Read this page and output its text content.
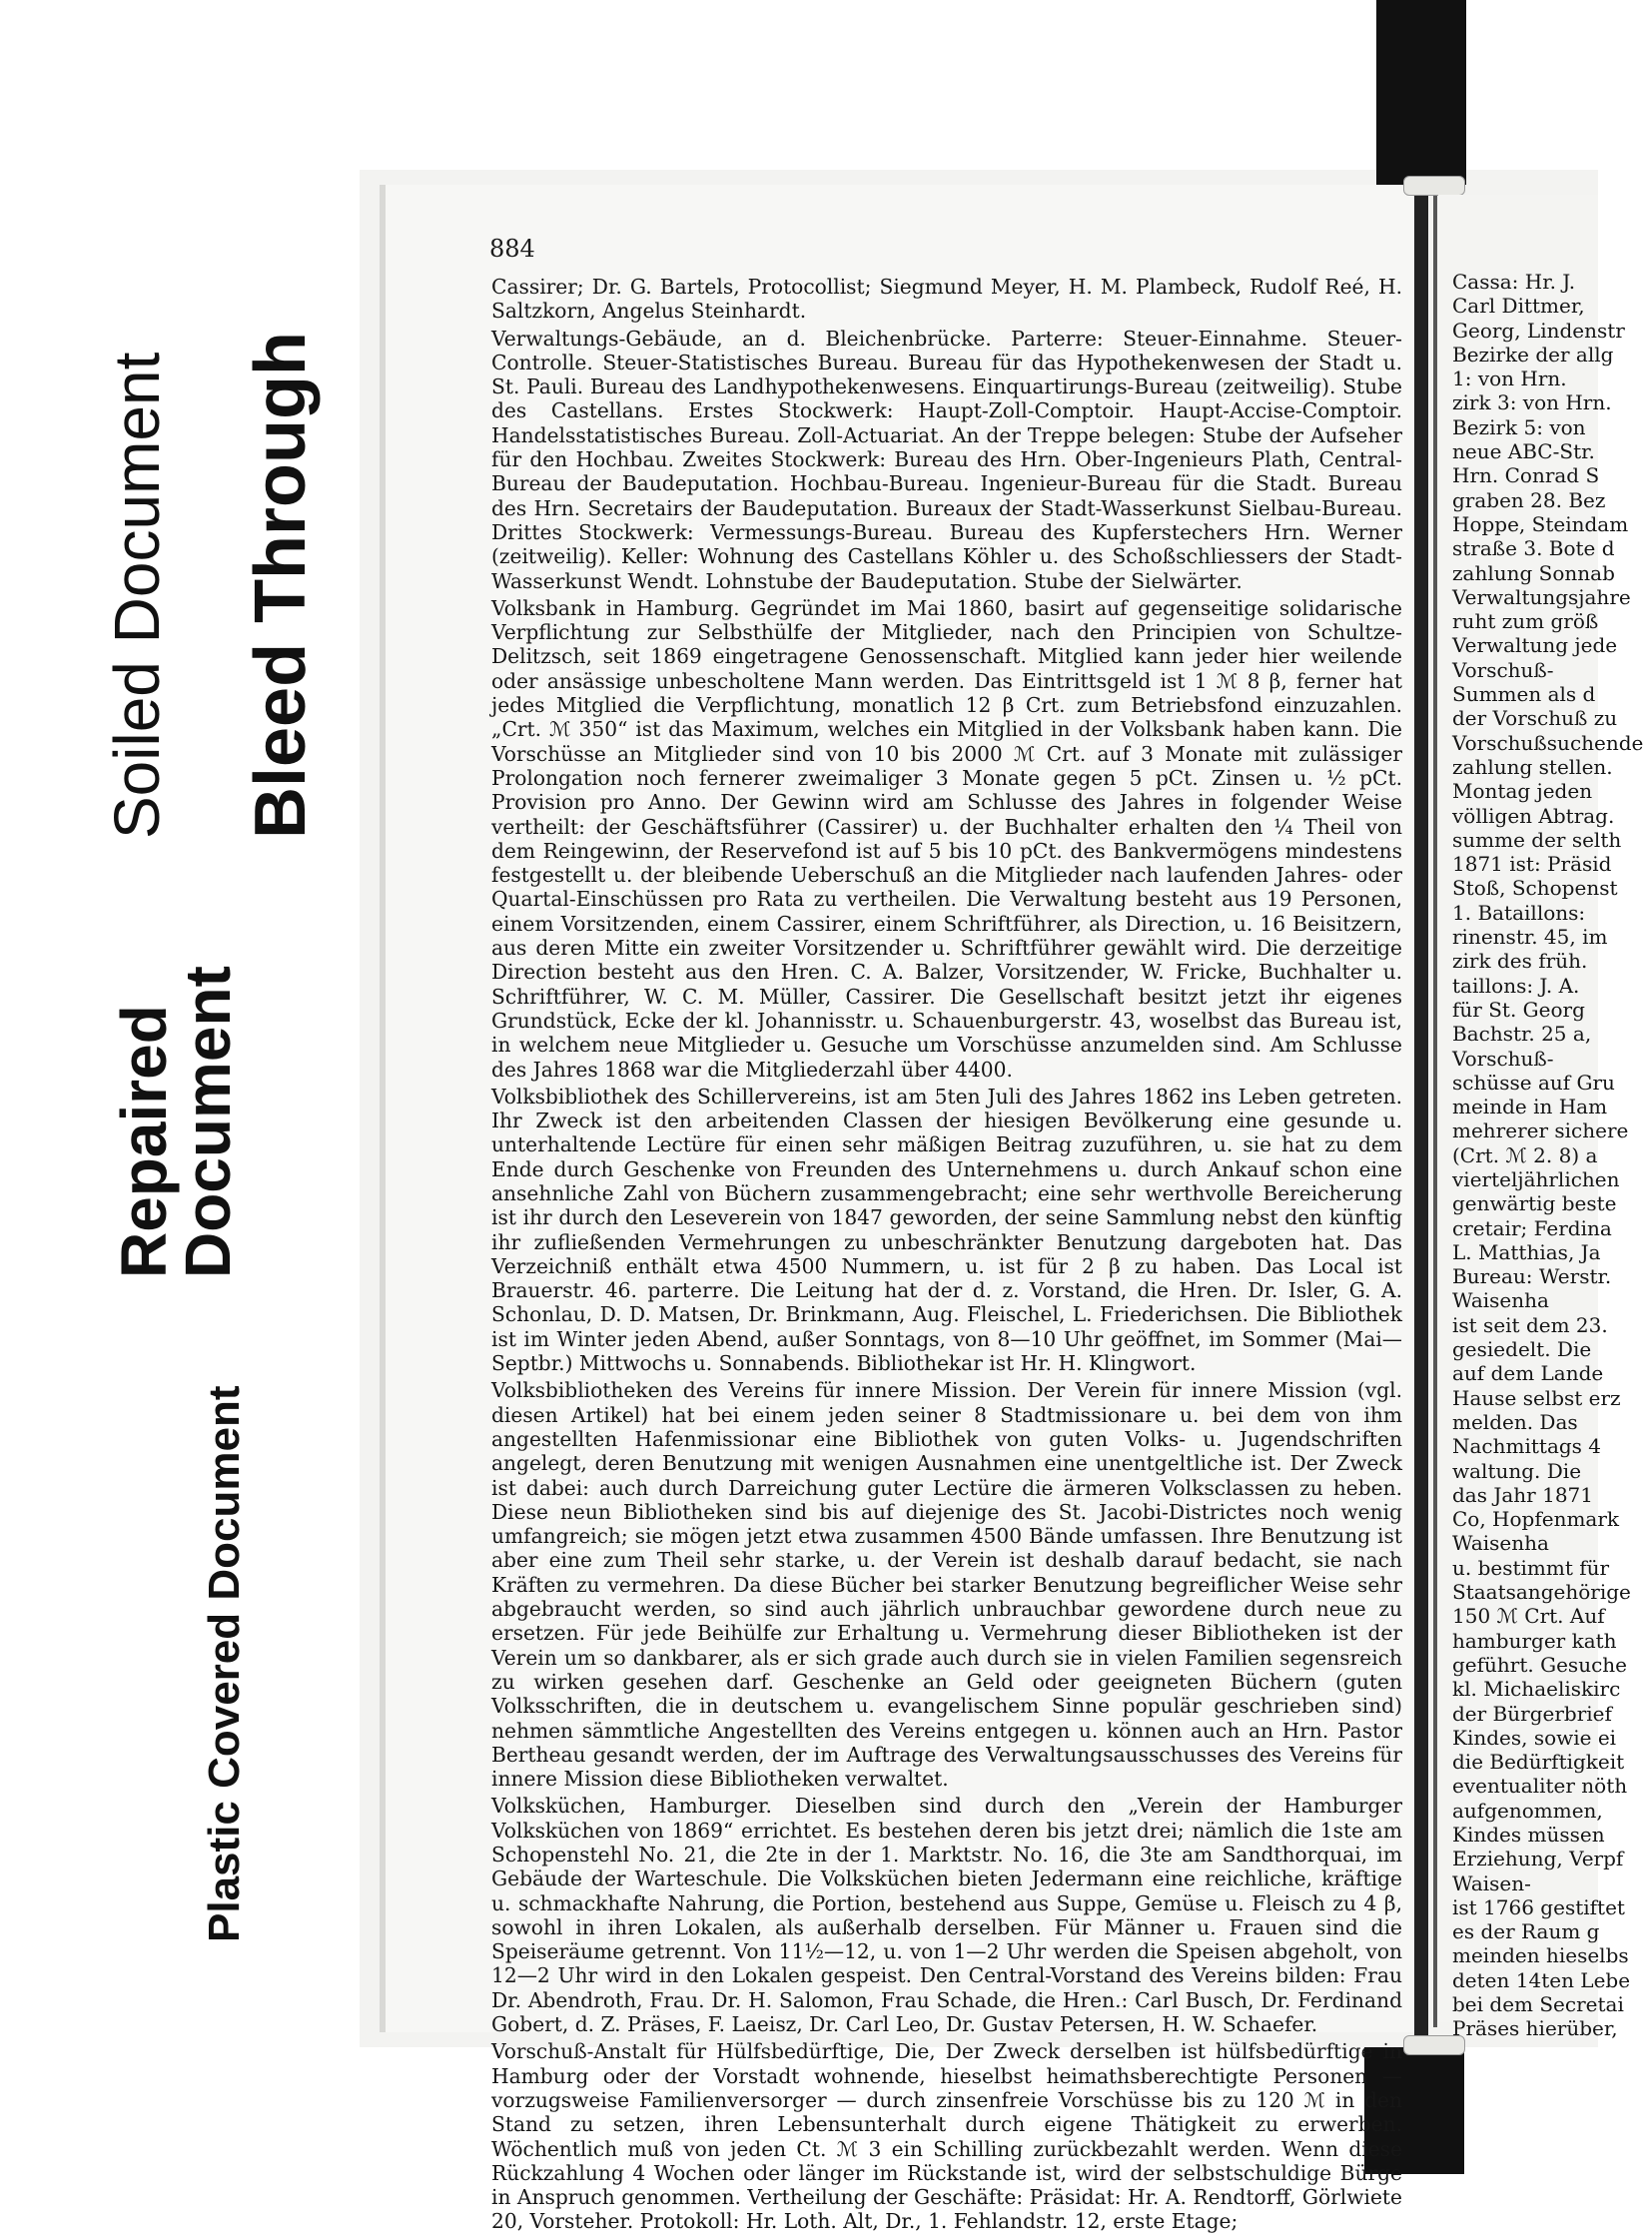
Soiled Document Bleed Through
Repaired
Document
Plastic Covered Document
884

Cassirer; Dr. G. Bartels, Protocollist; Siegmund Meyer, H. M. Plambeck, Rudolf Reé, H. Saltzkorn, Angelus Steinhardt.

Verwaltungs-Gebäude, an d. Bleichenbrücke. Parterre: Steuer-Einnahme. Steuer-Controlle. Steuer-Statistisches Bureau. Bureau für das Hypothekenwesen der Stadt u. St. Pauli. Bureau des Landhypothekenwesens. Einquartirungs-Bureau (zeitweilig). Stube des Castellans. Erstes Stockwerk: Haupt-Zoll-Comptoir. Haupt-Accise-Comptoir. Handelsstatistisches Bureau. Zoll-Actuariat. An der Treppe belegen: Stube der Aufseher für den Hochbau. Zweites Stockwerk: Bureau des Hrn. Ober-Ingenieurs Plath, Central-Bureau der Baudeputation. Hochbau-Bureau. Ingenieur-Bureau für die Stadt. Bureau des Hrn. Secretairs der Baudeputation. Bureaux der Stadt-Wasserkunst Sielbau-Bureau. Drittes Stockwerk: Vermessungs-Bureau. Bureau des Kupferstechers Hrn. Werner (zeitweilig). Keller: Wohnung des Castellans Köhler u. des Schoßschliessers der Stadt-Wasserkunst Wendt. Lohnstube der Baudeputation. Stube der Sielwärter.

Volksbank in Hamburg. Gegründet im Mai 1860, basirt auf gegenseitige solidarische Verpflichtung zur Selbsthülfe der Mitglieder, nach den Principien von Schultze-Delitzsch, seit 1869 eingetragene Genossenschaft. Mitglied kann jeder hier weilende oder ansässige unbescholtene Mann werden. Das Eintrittsgeld ist 1 ℳ 8 β, ferner hat jedes Mitglied die Verpflichtung, monatlich 12 β Crt. zum Betriebsfond einzuzahlen. „Crt. ℳ 350“ ist das Maximum, welches ein Mitglied in der Volksbank haben kann. Die Vorschüsse an Mitglieder sind von 10 bis 2000 ℳ Crt. auf 3 Monate mit zulässiger Prolongation noch fernerer zweimaliger 3 Monate gegen 5 pCt. Zinsen u. ½ pCt. Provision pro Anno. Der Gewinn wird am Schlusse des Jahres in folgender Weise vertheilt: der Geschäftsführer (Cassirer) u. der Buchhalter erhalten den ¼ Theil von dem Reingewinn, der Reservefond ist auf 5 bis 10 pCt. des Bankvermögens mindestens festgestellt u. der bleibende Ueberschuß an die Mitglieder nach laufenden Jahres- oder Quartal-Einschüssen pro Rata zu vertheilen. Die Verwaltung besteht aus 19 Personen, einem Vorsitzenden, einem Cassirer, einem Schriftführer, als Direction, u. 16 Beisitzern, aus deren Mitte ein zweiter Vorsitzender u. Schriftführer gewählt wird. Die derzeitige Direction besteht aus den Hren. C. A. Balzer, Vorsitzender, W. Fricke, Buchhalter u. Schriftführer, W. C. M. Müller, Cassirer. Die Gesellschaft besitzt jetzt ihr eigenes Grundstück, Ecke der kl. Johannisstr. u. Schauenburgerstr. 43, woselbst das Bureau ist, in welchem neue Mitglieder u. Gesuche um Vorschüsse anzumelden sind. Am Schlusse des Jahres 1868 war die Mitgliederzahl über 4400.

Volksbibliothek des Schillervereins, ist am 5ten Juli des Jahres 1862 ins Leben getreten. Ihr Zweck ist den arbeitenden Classen der hiesigen Bevölkerung eine gesunde u. unterhaltende Lectüre für einen sehr mäßigen Beitrag zuzuführen, u. sie hat zu dem Ende durch Geschenke von Freunden des Unternehmens u. durch Ankauf schon eine ansehnliche Zahl von Büchern zusammengebracht; eine sehr werthvolle Bereicherung ist ihr durch den Leseverein von 1847 geworden, der seine Sammlung nebst den künftig ihr zufließenden Vermehrungen zu unbeschränkter Benutzung dargeboten hat. Das Verzeichniß enthält etwa 4500 Nummern, u. ist für 2 β zu haben. Das Local ist Brauerstr. 46. parterre. Die Leitung hat der d. z. Vorstand, die Hren. Dr. Isler, G. A. Schonlau, D. D. Matsen, Dr. Brinkmann, Aug. Fleischel, L. Friederichsen. Die Bibliothek ist im Winter jeden Abend, außer Sonntags, von 8—10 Uhr geöffnet, im Sommer (Mai—Septbr.) Mittwochs u. Sonnabends. Bibliothekar ist Hr. H. Klingwort.

Volksbibliotheken des Vereins für innere Mission. Der Verein für innere Mission (vgl. diesen Artikel) hat bei einem jeden seiner 8 Stadtmissionare u. bei dem von ihm angestellten Hafenmissionar eine Bibliothek von guten Volks- u. Jugendschriften angelegt, deren Benutzung mit wenigen Ausnahmen eine unentgeltliche ist. Der Zweck ist dabei: auch durch Darreichung guter Lectüre die ärmeren Volksclassen zu heben. Diese neun Bibliotheken sind bis auf diejenige des St. Jacobi-Districtes noch wenig umfangreich; sie mögen jetzt etwa zusammen 4500 Bände umfassen. Ihre Benutzung ist aber eine zum Theil sehr starke, u. der Verein ist deshalb darauf bedacht, sie nach Kräften zu vermehren. Da diese Bücher bei starker Benutzung begreiflicher Weise sehr abgebraucht werden, so sind auch jährlich unbrauchbar gewordene durch neue zu ersetzen. Für jede Beihülfe zur Erhaltung u. Vermehrung dieser Bibliotheken ist der Verein um so dankbarer, als er sich grade auch durch sie in vielen Familien segensreich zu wirken gesehen darf. Geschenke an Geld oder geeigneten Büchern (guten Volksschriften, die in deutschem u. evangelischem Sinne populär geschrieben sind) nehmen sämmtliche Angestellten des Vereins entgegen u. können auch an Hrn. Pastor Bertheau gesandt werden, der im Auftrage des Verwaltungsausschusses des Vereins für innere Mission diese Bibliotheken verwaltet.

Volksküchen, Hamburger. Dieselben sind durch den „Verein der Hamburger Volksküchen von 1869“ errichtet. Es bestehen deren bis jetzt drei; nämlich die 1ste am Schopenstehl No. 21, die 2te in der 1. Marktstr. No. 16, die 3te am Sandthorquai, im Gebäude der Warteschule. Die Volksküchen bieten Jedermann eine reichliche, kräftige u. schmackhafte Nahrung, die Portion, bestehend aus Suppe, Gemüse u. Fleisch zu 4 β, sowohl in ihren Lokalen, als außerhalb derselben. Für Männer u. Frauen sind die Speiseräume getrennt. Von 11½—12, u. von 1—2 Uhr werden die Speisen abgeholt, von 12—2 Uhr wird in den Lokalen gespeist. Den Central-Vorstand des Vereins bilden: Frau Dr. Abendroth, Frau. Dr. H. Salomon, Frau Schade, die Hren.: Carl Busch, Dr. Ferdinand Gobert, d. Z. Präses, F. Laeisz, Dr. Carl Leo, Dr. Gustav Petersen, H. W. Schaefer.

Vorschuß-Anstalt für Hülfsbedürftige, Die, Der Zweck derselben ist hülfsbedürftige in Hamburg oder der Vorstadt wohnende, hieselbst heimathsberechtigte Personen — vorzugsweise Familienversorger — durch zinsenfreie Vorschüsse bis zu 120 ℳ in den Stand zu setzen, ihren Lebensunterhalt durch eigene Thätigkeit zu erwerben. Wöchentlich muß von jeden Ct. ℳ 3 ein Schilling zurückbezahlt werden. Wenn diese Rückzahlung 4 Wochen oder länger im Rückstande ist, wird der selbstschuldige Bürge in Anspruch genommen. Vertheilung der Geschäfte: Präsidat: Hr. A. Rendtorff, Görlwiete 20, Vorsteher. Protokoll: Hr. Loth. Alt, Dr., 1. Fehlandstr. 12, erste Etage;

Cassa: Hr. J.
Carl Dittmer,
Georg, Lindenstr
Bezirke der allg
1: von Hrn.
zirk 3: von Hrn.
Bezirk 5: von
neue ABC-Str.
Hrn. Conrad S
graben 28. Bez
Hoppe, Steindam
straße 3. Bote d
zahlung Sonnab
Verwaltungsjahre
ruht zum größ
Verwaltung jede
Vorschuß-
Summen als d
der Vorschuß zu
Vorschußsuchende
zahlung stellen.
Montag jeden
völligen Abtrag.
summe der selth
1871 ist: Präsid
Stoß, Schopenst
1. Bataillons:
rinenstr. 45, im
zirk des früh.
taillons: J. A.
für St. Georg
Bachstr. 25 a,
Vorschuß-
schüsse auf Gru
meinde in Ham
mehrerer sichere
(Crt. ℳ 2. 8) a
vierteljährlichen
genwärtig beste
cretair; Ferdina
L. Matthias, Ja
Bureau: Werstr.
Waisenha
ist seit dem 23.
gesiedelt. Die
auf dem Lande
Hause selbst erz
melden. Das
Nachmittags 4
waltung. Die
das Jahr 1871
Co, Hopfenmark
Waisenha
u. bestimmt für
Staatsangehörige
150 ℳ Crt. Auf
hamburger kath
geführt. Gesuche
kl. Michaeliskirc
der Bürgerbrief
Kindes, sowie ei
die Bedürftigkeit
eventualiter nöth
aufgenommen,
Kindes müssen
Erziehung, Verpf
Waisen-
ist 1766 gestiftet
es der Raum g
meinden hieselbs
deten 14ten Lebe
bei dem Secretai
Präses hierüber,
